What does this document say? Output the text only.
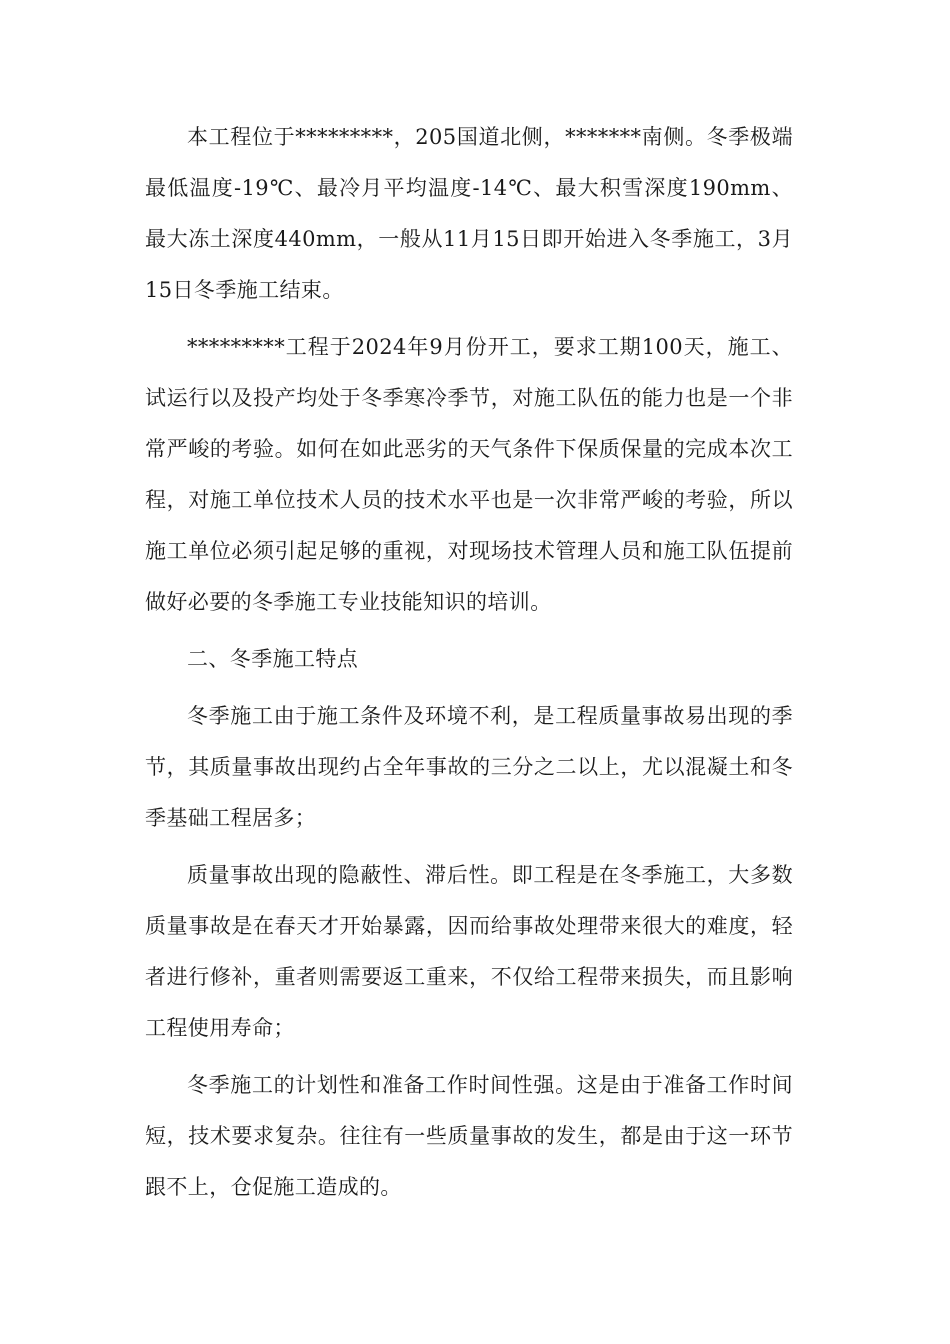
本工程位于*********，205国道北侧，*******南侧。冬季极端最低温度-19℃、最冷月平均温度-14℃、最大积雪深度190mm、最大冻土深度440mm，一般从11月15日即开始进入冬季施工，3月15日冬季施工结束。

*********工程于2024年9月份开工，要求工期100天，施工、试运行以及投产均处于冬季寒冷季节，对施工队伍的能力也是一个非常严峻的考验。如何在如此恶劣的天气条件下保质保量的完成本次工程，对施工单位技术人员的技术水平也是一次非常严峻的考验，所以施工单位必须引起足够的重视，对现场技术管理人员和施工队伍提前做好必要的冬季施工专业技能知识的培训。

二、冬季施工特点

冬季施工由于施工条件及环境不利，是工程质量事故易出现的季节，其质量事故出现约占全年事故的三分之二以上，尤以混凝土和冬季基础工程居多；

质量事故出现的隐蔽性、滞后性。即工程是在冬季施工，大多数质量事故是在春天才开始暴露，因而给事故处理带来很大的难度，轻者进行修补，重者则需要返工重来，不仅给工程带来损失，而且影响工程使用寿命；

冬季施工的计划性和准备工作时间性强。这是由于准备工作时间短，技术要求复杂。往往有一些质量事故的发生，都是由于这一环节跟不上，仓促施工造成的。
